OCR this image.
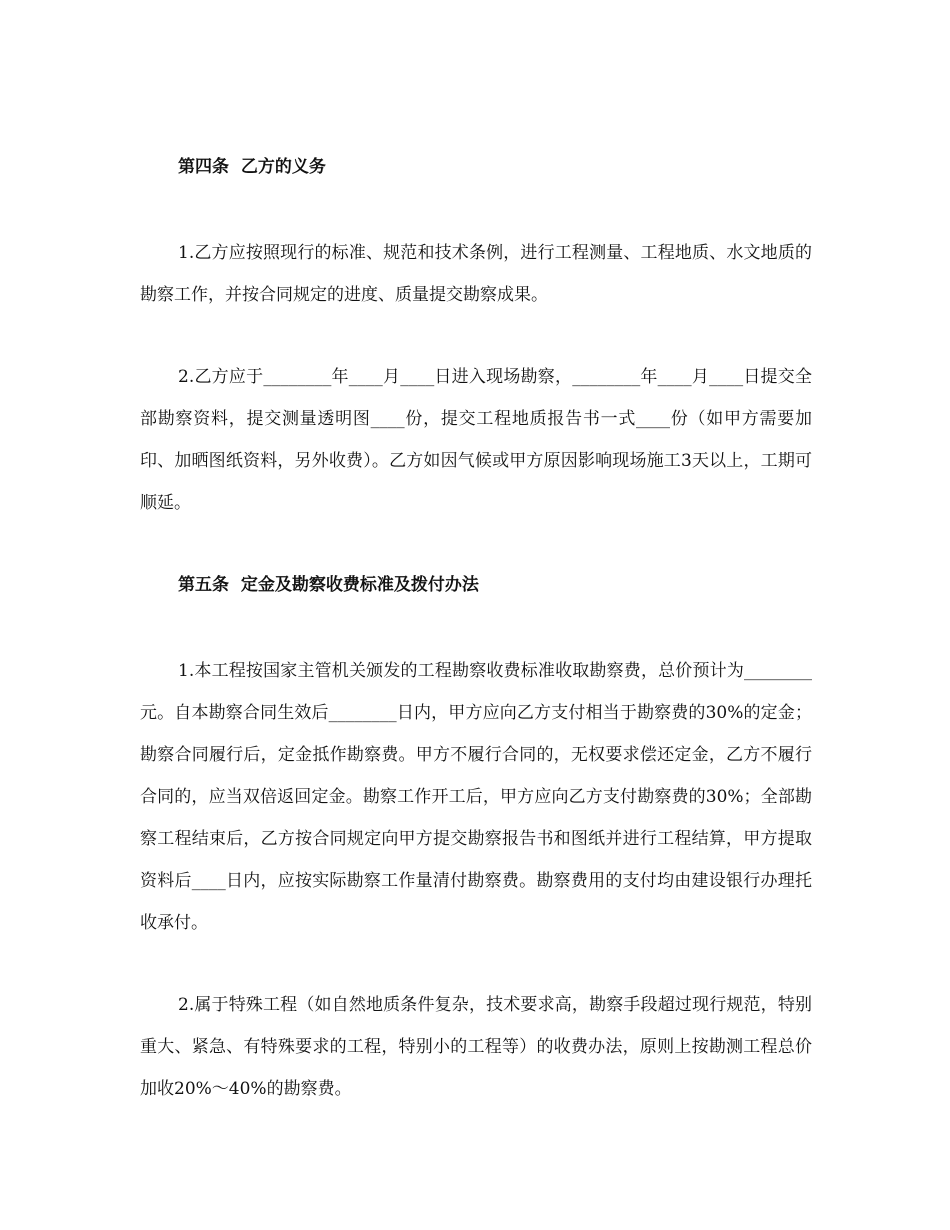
第四条  乙方的义务

1.乙方应按照现行的标准、规范和技术条例，进行工程测量、工程地质、水文地质的勘察工作，并按合同规定的进度、质量提交勘察成果。

2.乙方应于________年____月____日进入现场勘察，________年____月____日提交全部勘察资料，提交测量透明图____份，提交工程地质报告书一式____份（如甲方需要加印、加晒图纸资料，另外收费）。乙方如因气候或甲方原因影响现场施工3天以上，工期可顺延。

第五条  定金及勘察收费标准及拨付办法

1.本工程按国家主管机关颁发的工程勘察收费标准收取勘察费，总价预计为________元。自本勘察合同生效后________日内，甲方应向乙方支付相当于勘察费的30%的定金；勘察合同履行后，定金抵作勘察费。甲方不履行合同的，无权要求偿还定金，乙方不履行合同的，应当双倍返回定金。勘察工作开工后，甲方应向乙方支付勘察费的30%；全部勘察工程结束后，乙方按合同规定向甲方提交勘察报告书和图纸并进行工程结算，甲方提取资料后____日内，应按实际勘察工作量清付勘察费。勘察费用的支付均由建设银行办理托收承付。

2.属于特殊工程（如自然地质条件复杂，技术要求高，勘察手段超过现行规范，特别重大、紧急、有特殊要求的工程，特别小的工程等）的收费办法，原则上按勘测工程总价加收20%～40%的勘察费。
